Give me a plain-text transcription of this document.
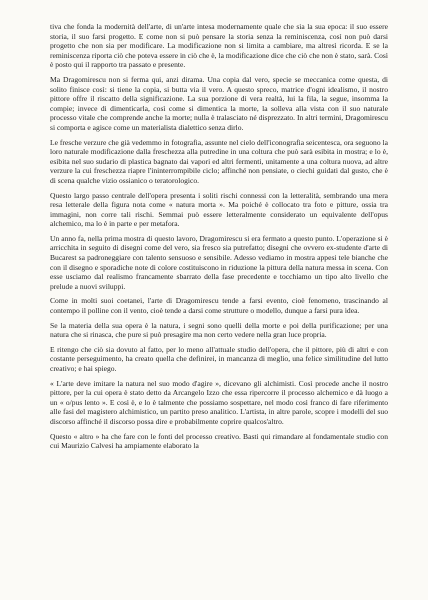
tiva che fonda la modernità dell'arte, di un'arte intesa modernamente quale che sia la sua epoca: il suo essere storia, il suo farsi progetto. E come non si può pensare la storia senza la reminiscenza, così non può darsi progetto che non sia per modificare. La modificazione non si limita a cambiare, ma altresì ricorda. E se la reminiscenza riporta ciò che poteva essere in ciò che è, la modificazione dice che ciò che non è stato, sarà. Così è posto qui il rapporto tra passato e presente.

Ma Dragomirescu non si ferma qui, anzi dirama. Una copia dal vero, specie se meccanica come questa, di solito finisce così: si tiene la copia, si butta via il vero. A questo spreco, matrice d'ogni idealismo, il nostro pittore offre il riscatto della significazione. La sua porzione di vera realtà, lui la fila, la segue, insomma la compie; invece di dimenticarla, così come si dimentica la morte, la solleva alla vista con il suo naturale processo vitale che comprende anche la morte; nulla è tralasciato né disprezzato. In altri termini, Dragomirescu si comporta e agisce come un materialista dialettico senza dirlo.

Le fresche verzure che già vedemmo in fotografia, assunte nel cielo dell'iconografia seicentesca, ora seguono la loro naturale modificazione dalla freschezza alla putredine in una coltura che può sarà esibita in mostra; e lo è, esibita nel suo sudario di plastica bagnato dai vapori ed altri fermenti, unitamente a una coltura nuova, ad altre verzure la cui freschezza riapre l'ininterrompibile ciclo; affinché non pensiate, o ciechi guidati dal gusto, che è di scena qualche vizio ossianico o teratorologico.

Questo largo passo centrale dell'opera presenta i soliti rischi connessi con la letteralità, sembrando una mera resa letterale della figura nota come « natura morta ». Ma poiché è collocato tra foto e pitture, ossia tra immagini, non corre tali rischi. Semmai può essere letteralmente considerato un equivalente dell'opus alchemico, ma lo è in parte e per metafora.

Un anno fa, nella prima mostra di questo lavoro, Dragomirescu si era fermato a questo punto. L'operazione si è arricchita in seguito di disegni come del vero, sia fresco sia putrefatto; disegni che ovvero ex-studente d'arte di Bucarest sa padroneggiare con talento sensuoso e sensibile. Adesso vediamo in mostra appesi tele bianche che con il disegno e sporadiche note di colore costituiscono in riduzione la pittura della natura messa in scena. Con esse usciamo dal realismo francamente sbarrato della fase precedente e tocchiamo un tipo alto livello che prelude a nuovi sviluppi.

Come in molti suoi coetanei, l'arte di Dragomirescu tende a farsi evento, cioè fenomeno, trascinando al contempo il polline con il vento, cioè tende a darsi come strutture o modello, dunque a farsi pura idea.

Se la materia della sua opera è la natura, i segni sono quelli della morte e poi della purificazione; per una natura che si rinasca, che pure si può presagire ma non certo vedere nella gran luce propria.

E ritengo che ciò sia dovuto al fatto, per lo meno all'attuale studio dell'opera, che il pittore, più di altri e con costante perseguimento, ha creato quella che definirei, in mancanza di meglio, una felice similitudine del lutto creativo; e hai spiego.

« L'arte deve imitare la natura nel suo modo d'agire », dicevano gli alchimisti. Così procede anche il nostro pittore, per la cui opera è stato detto da Arcangelo Izzo che essa ripercorre il processo alchemico e dà luogo a un « o/pus lento ». E così è, e lo è talmente che possiamo sospettare, nel modo così franco di fare riferimento alle fasi del magistero alchimistico, un partito preso analitico. L'artista, in altre parole, scopre i modelli del suo discorso affinché il discorso possa dire e probabilmente coprire qualcos'altro.

Questo « altro » ha che fare con le fonti del processo creativo. Basti qui rimandare al fondamentale studio con cui Maurizio Calvesi ha ampiamente elaborato la
